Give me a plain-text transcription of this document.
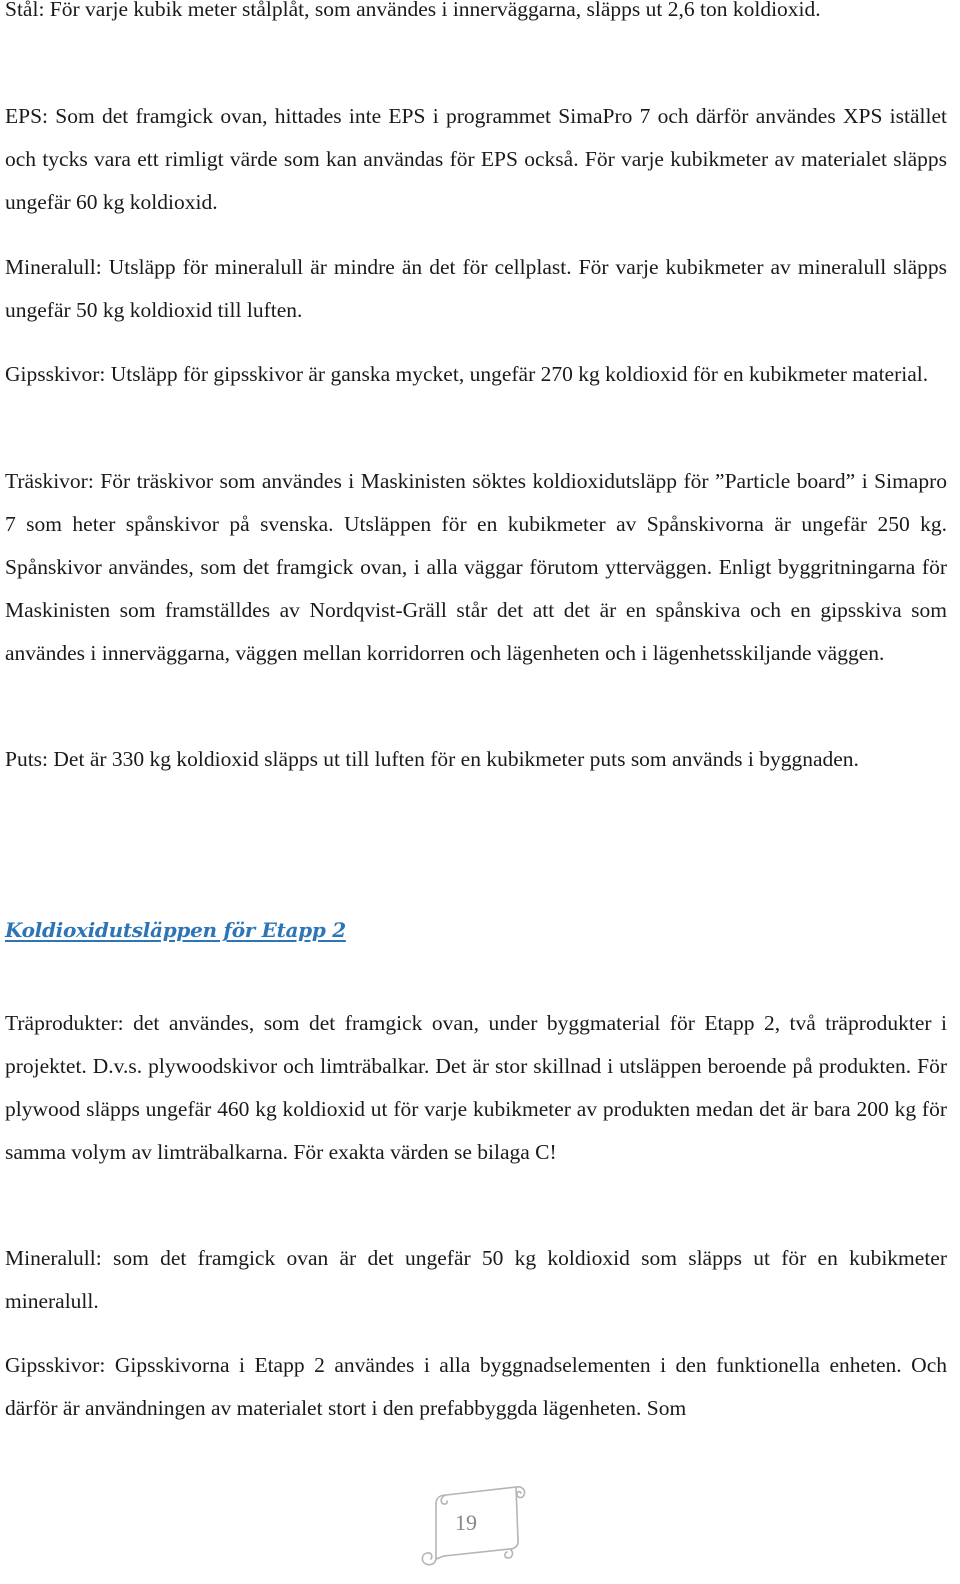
Stål: För varje kubik meter stålplåt, som användes i innerväggarna, släpps ut 2,6 ton koldioxid.

EPS: Som det framgick ovan, hittades inte EPS i programmet SimaPro 7 och därför användes XPS istället och tycks vara ett rimligt värde som kan användas för EPS också. För varje kubikmeter av materialet släpps ungefär 60 kg koldioxid.

Mineralull: Utsläpp för mineralull är mindre än det för cellplast. För varje kubikmeter av mineralull släpps ungefär 50 kg koldioxid till luften.

Gipsskivor: Utsläpp för gipsskivor är ganska mycket, ungefär 270 kg koldioxid för en kubikmeter material.

Träskivor: För träskivor som användes i Maskinisten söktes koldioxidutsläpp för ”Particle board” i Simapro 7 som heter spånskivor på svenska. Utsläppen för en kubikmeter av Spånskivorna är ungefär 250 kg. Spånskivor användes, som det framgick ovan, i alla väggar förutom ytterväggen. Enligt byggritningarna för Maskinisten som framställdes av Nordqvist-Gräll står det att det är en spånskiva och en gipsskiva som användes i innerväggarna, väggen mellan korridorren och lägenheten och i lägenhetsskiljande väggen.

Puts: Det är 330 kg koldioxid släpps ut till luften för en kubikmeter puts som används i byggnaden.

Koldioxidutsläppen för Etapp 2

Träprodukter: det användes, som det framgick ovan, under byggmaterial för Etapp 2, två träprodukter i projektet. D.v.s. plywoodskivor och limträbalkar. Det är stor skillnad i utsläppen beroende på produkten. För plywood släpps ungefär 460 kg koldioxid ut för varje kubikmeter av produkten medan det är bara 200 kg för samma volym av limträbalkarna. För exakta värden se bilaga C!

Mineralull: som det framgick ovan är det ungefär 50 kg koldioxid som släpps ut för en kubikmeter mineralull.

Gipsskivor: Gipsskivorna i Etapp 2 användes i alla byggnadselementen i den funktionella enheten. Och därför är användningen av materialet stort i den prefabbyggda lägenheten. Som

19
